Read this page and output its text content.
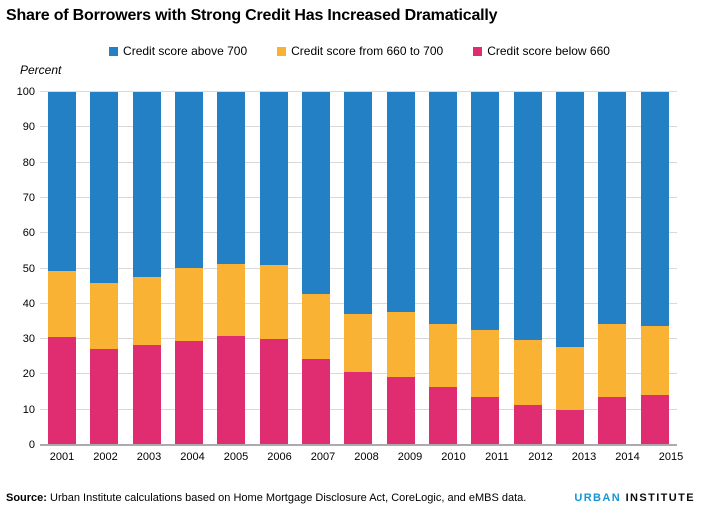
Share of Borrowers with Strong Credit Has Increased Dramatically
Credit score above 700	Credit score from 660 to 700	Credit score below 660
Percent
0
10
20
30
40
50
60
70
80
90
100
2001 2002 2003 2004 2005 2006 2007 2008 2009 2010 2011 2012 2013 2014 2015
Source: Urban Institute calculations based on Home Mortgage Disclosure Act, CoreLogic, and eMBS data.	URBAN INSTITUTE
